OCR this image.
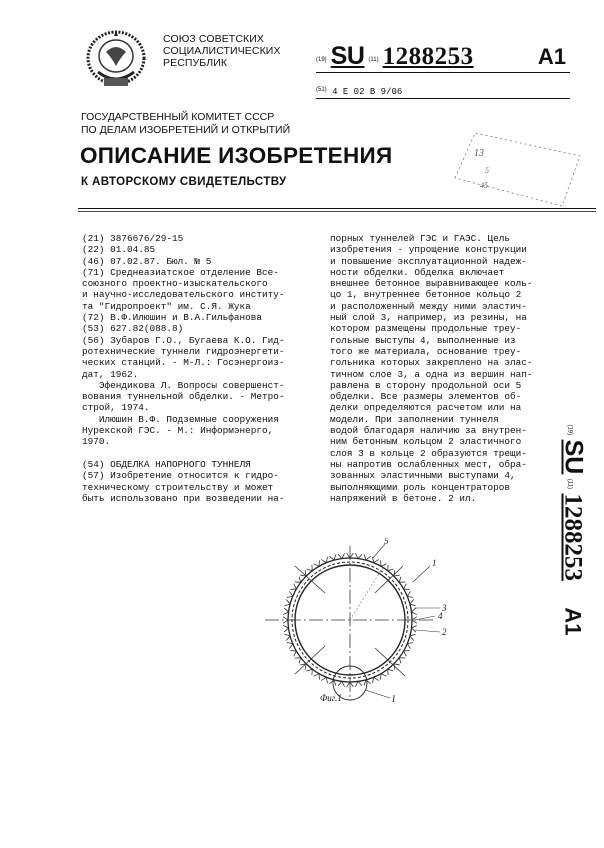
СОЮЗ СОВЕТСКИХ
СОЦИАЛИСТИЧЕСКИХ
РЕСПУБЛИК
ГОСУДАРСТВЕННЫЙ КОМИТЕТ СССР
ПО ДЕЛАМ ИЗОБРЕТЕНИЙ И ОТКРЫТИЙ
(19) SU (11) 1288253	A1
$^{(51)}$ 4 E 02 B 9/06
ОПИСАНИЕ ИЗОБРЕТЕНИЯ
К АВТОРСКОМУ СВИДЕТЕЛЬСТВУ
13
5
45
(21) 3876676/29-15
(22) 01.04.85
(46) 07.02.87. Бюл. № 5
(71) Среднеазиатское отделение Все-
союзного проектно-изыскательского
и научно-исследовательского институ-
та "Гидропроект" им. С.Я. Жука
(72) В.Ф.Илюшин и В.А.Гильфанова
(53) 627.82(088.8)
(56) Зубаров Г.О., Бугаева К.О. Гид-
ротехнические туннели гидроэнергети-
ческих станций. - М-Л.: Госэнергоиз-
дат, 1962.
Эфендикова Л. Вопросы совершенст-
вования туннельной обделки. - Метро-
строй, 1974.
Илюшин В.Ф. Подземные сооружения
Нурекской ГЭС. - М.: Информэнерго,
1970.
(54) ОБДЕЛКА НАПОРНОГО ТУННЕЛЯ
(57) Изобретение относится к гидро-
техническому строительству и может
быть использовано при возведении на-
порных туннелей ГЭС и ГАЭС. Цель
изобретения - упрощение конструкции
и повышение эксплуатационной надеж-
ности обделки. Обделка включает
внешнее бетонное выравнивающее коль-
цо 1, внутреннее бетонное кольцо 2
и расположенный между ними эластич-
ный слой 3, например, из резины, на
котором размещены продольные треу-
гольные выступы 4, выполненные из
того же материала, основание треу-
гольника которых закреплено на элас-
тичном слое 3, а одна из вершин нап-
равлена в сторону продольной оси 5
обделки. Все размеры элементов об-
делки определяются расчетом или на
модели. При заполнении туннеля
водой благодаря наличию за внутрен-
ним бетонным кольцом 2 эластичного
слоя 3 в кольце 2 образуются трещи-
ны напротив ослабленных мест, обра-
зованных эластичными выступами 4,
выполняющими роль концентраторов
напряжений в бетоне. 2 ил.
(19) SU (11) 1288253 A1
5
1
3
4
2
I
Фиг.1
